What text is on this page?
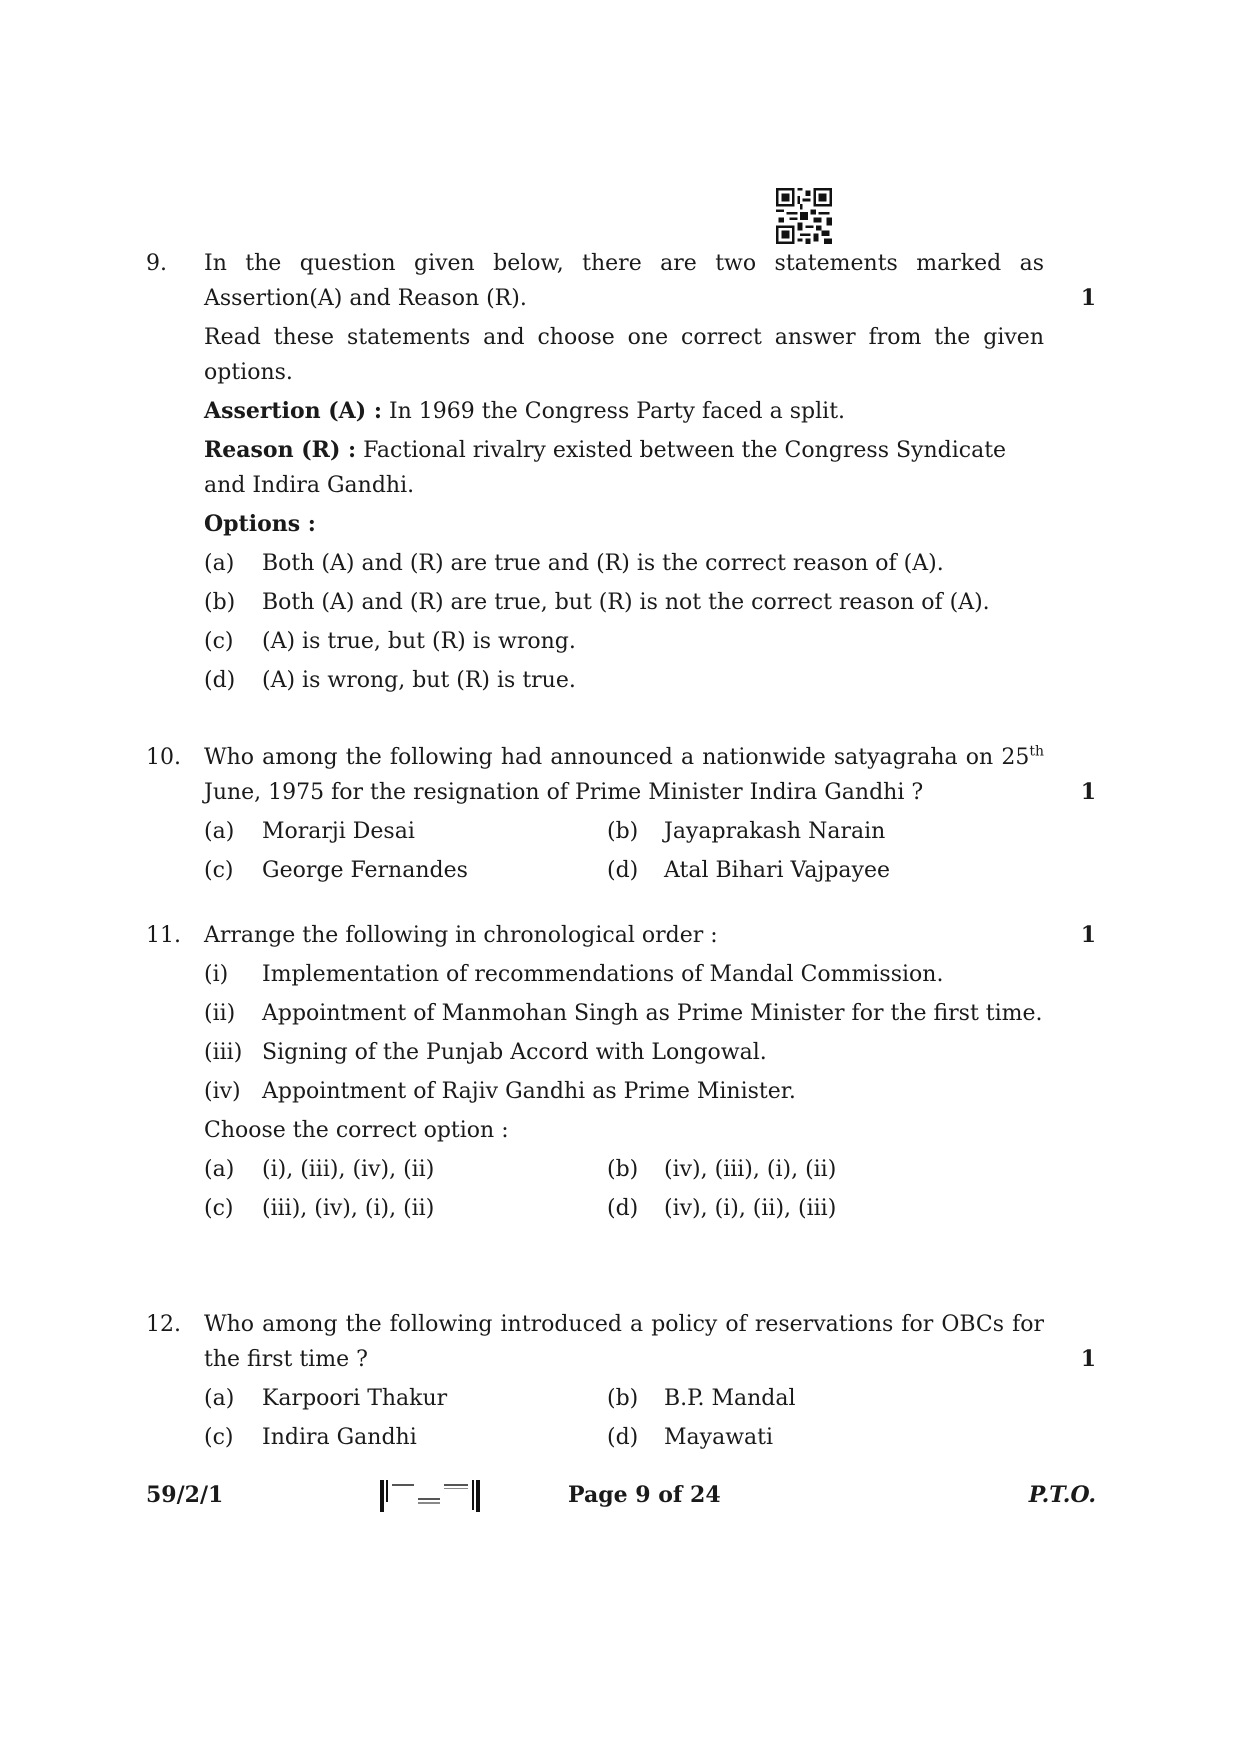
9.	In the question given below, there are two statements marked as Assertion(A) and Reason (R).
Read these statements and choose one correct answer from the given options.
Assertion (A) : In 1969 the Congress Party faced a split.
Reason (R) : Factional rivalry existed between the Congress Syndicate and Indira Gandhi.
Options :
(a) Both (A) and (R) are true and (R) is the correct reason of (A).
(b) Both (A) and (R) are true, but (R) is not the correct reason of (A).
(c) (A) is true, but (R) is wrong.
(d) (A) is wrong, but (R) is true.
1
10.	Who among the following had announced a nationwide satyagraha on 25th June, 1975 for the resignation of Prime Minister Indira Gandhi ?
(a) Morarji Desai	(b) Jayaprakash Narain
(c) George Fernandes	(d) Atal Bihari Vajpayee
1
11.	Arrange the following in chronological order :
(i) Implementation of recommendations of Mandal Commission.
(ii) Appointment of Manmohan Singh as Prime Minister for the first time.
(iii) Signing of the Punjab Accord with Longowal.
(iv) Appointment of Rajiv Gandhi as Prime Minister.
Choose the correct option :
(a) (i), (iii), (iv), (ii)	(b) (iv), (iii), (i), (ii)
(c) (iii), (iv), (i), (ii)	(d) (iv), (i), (ii), (iii)
1
12.	Who among the following introduced a policy of reservations for OBCs for the first time ?
(a) Karpoori Thakur	(b) B.P. Mandal
(c) Indira Gandhi	(d) Mayawati
1
59/2/1	Page 9 of 24	P.T.O.
